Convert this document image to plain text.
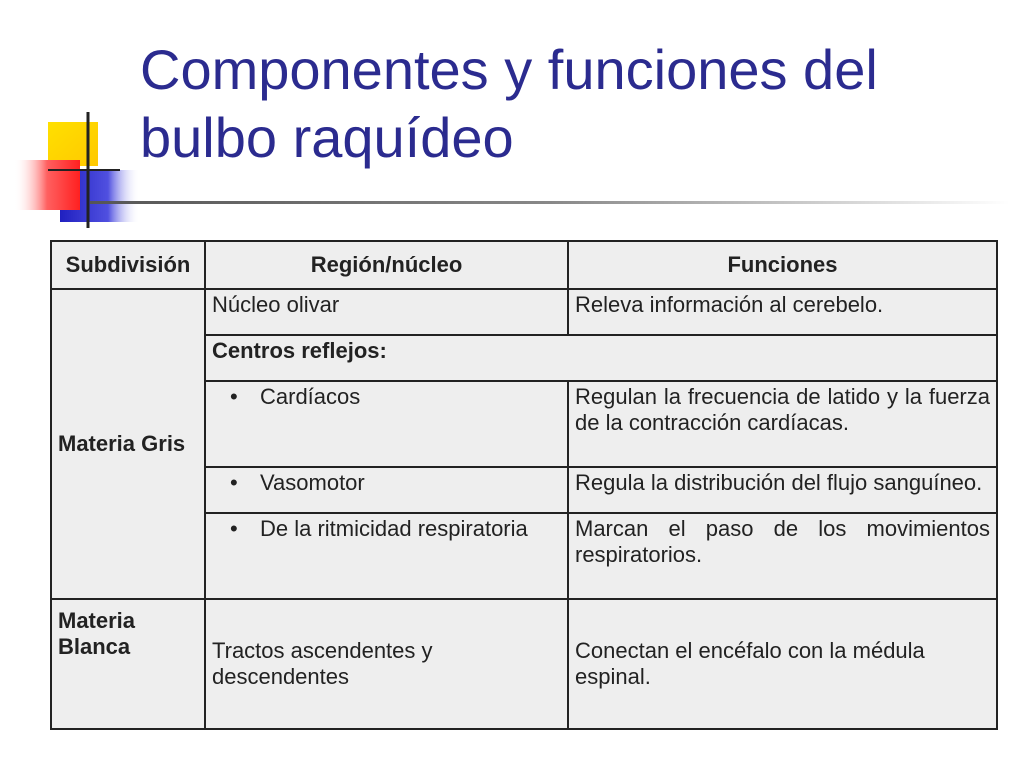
Componentes y funciones del bulbo raquídeo
Subdivisión	Región/núcleo	Funciones
Materia Gris	Núcleo olivar	Releva información al cerebelo.
	Centros reflejos:	
	• Cardíacos	Regulan la frecuencia de latido y la fuerza de la contracción cardíacas.
	• Vasomotor	Regula la distribución del flujo sanguíneo.
	• De la ritmicidad respiratoria	Marcan el paso de los movimientos respiratorios.
Materia Blanca	Tractos ascendentes y descendentes	Conectan el encéfalo con la médula espinal.
